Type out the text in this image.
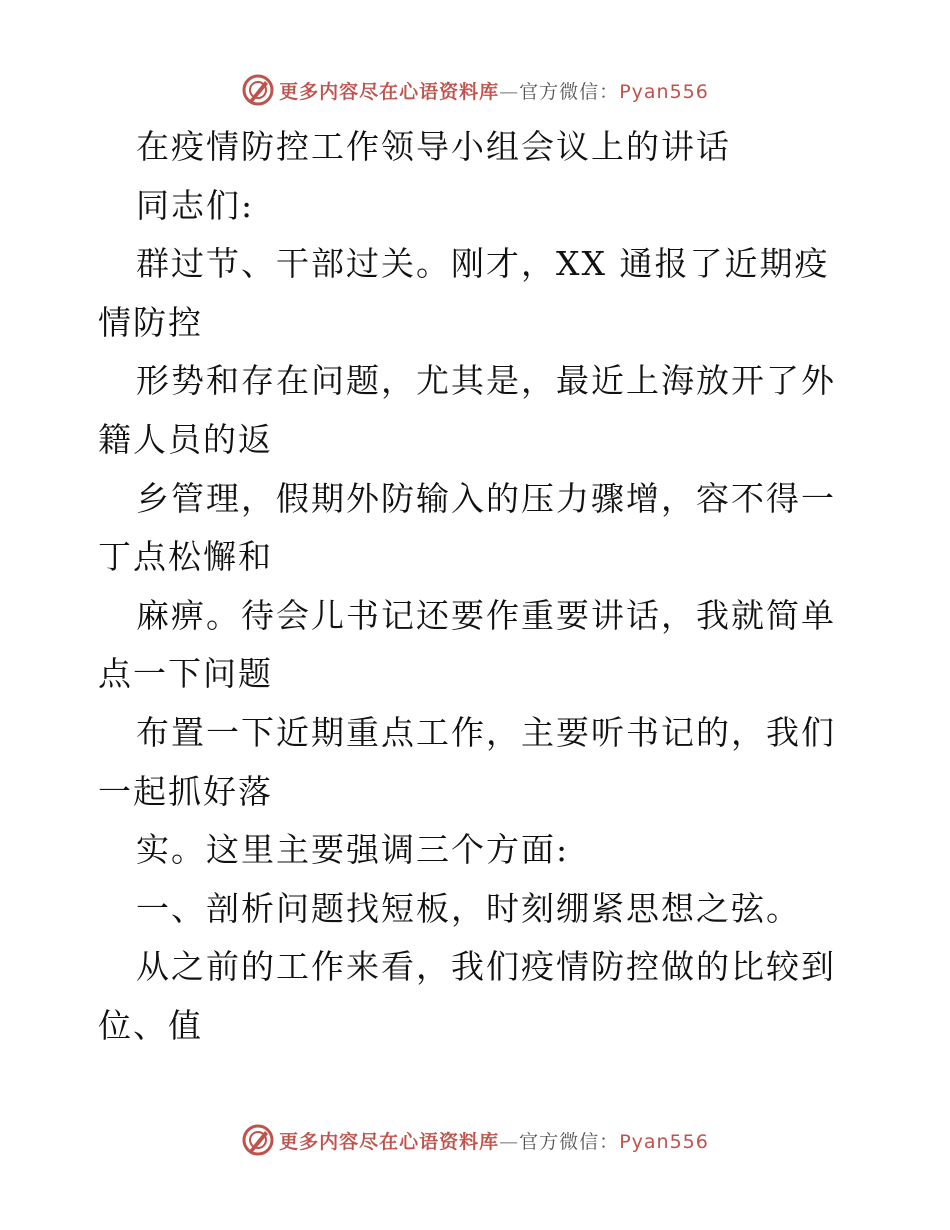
更多内容尽在心语资料库—官方微信：Pyan556

在疫情防控工作领导小组会议上的讲话

同志们:

群过节、干部过关。刚才，XX 通报了近期疫情防控

形势和存在问题，尤其是，最近上海放开了外籍人员的返

乡管理，假期外防输入的压力骤增，容不得一丁点松懈和

麻痹。待会儿书记还要作重要讲话，我就简单点一下问题

布置一下近期重点工作，主要听书记的，我们一起抓好落

实。这里主要强调三个方面:

一、剖析问题找短板，时刻绷紧思想之弦。

从之前的工作来看，我们疫情防控做的比较到位、值

更多内容尽在心语资料库—官方微信：Pyan556
